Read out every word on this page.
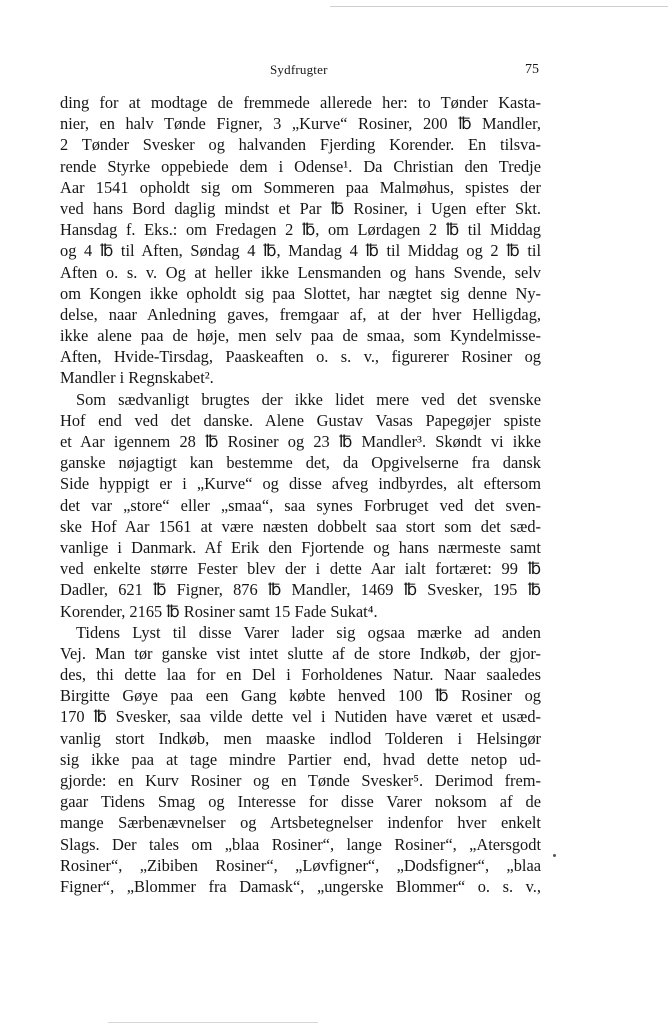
Sydfrugter	75
ding for at modtage de fremmede allerede her: to Tønder Kasta-
nier, en halv Tønde Figner, 3 „Kurve“ Rosiner, 200 ℔ Mandler,
2 Tønder Svesker og halvanden Fjerding Korender. En tilsva-
rende Styrke oppebiede dem i Odense¹. Da Christian den Tredje
Aar 1541 opholdt sig om Sommeren paa Malmøhus, spistes der
ved hans Bord daglig mindst et Par ℔ Rosiner, i Ugen efter Skt.
Hansdag f. Eks.: om Fredagen 2 ℔, om Lørdagen 2 ℔ til Middag
og 4 ℔ til Aften, Søndag 4 ℔, Mandag 4 ℔ til Middag og 2 ℔ til
Aften o. s. v. Og at heller ikke Lensmanden og hans Svende, selv
om Kongen ikke opholdt sig paa Slottet, har nægtet sig denne Ny-
delse, naar Anledning gaves, fremgaar af, at der hver Helligdag,
ikke alene paa de høje, men selv paa de smaa, som Kyndelmisse-
Aften, Hvide-Tirsdag, Paaskeaften o. s. v., figurerer Rosiner og
Mandler i Regnskabet².
Som sædvanligt brugtes der ikke lidet mere ved det svenske
Hof end ved det danske. Alene Gustav Vasas Papegøjer spiste
et Aar igennem 28 ℔ Rosiner og 23 ℔ Mandler³. Skøndt vi ikke
ganske nøjagtigt kan bestemme det, da Opgivelserne fra dansk
Side hyppigt er i „Kurve“ og disse afveg indbyrdes, alt eftersom
det var „store“ eller „smaa“, saa synes Forbruget ved det sven-
ske Hof Aar 1561 at være næsten dobbelt saa stort som det sæd-
vanlige i Danmark. Af Erik den Fjortende og hans nærmeste samt
ved enkelte større Fester blev der i dette Aar ialt fortæret: 99 ℔
Dadler, 621 ℔ Figner, 876 ℔ Mandler, 1469 ℔ Svesker, 195 ℔
Korender, 2165 ℔ Rosiner samt 15 Fade Sukat⁴.
Tidens Lyst til disse Varer lader sig ogsaa mærke ad anden
Vej. Man tør ganske vist intet slutte af de store Indkøb, der gjor-
des, thi dette laa for en Del i Forholdenes Natur. Naar saaledes
Birgitte Gøye paa een Gang købte henved 100 ℔ Rosiner og
170 ℔ Svesker, saa vilde dette vel i Nutiden have været et usæd-
vanlig stort Indkøb, men maaske indlod Tolderen i Helsingør
sig ikke paa at tage mindre Partier end, hvad dette netop ud-
gjorde: en Kurv Rosiner og en Tønde Svesker⁵. Derimod frem-
gaar Tidens Smag og Interesse for disse Varer noksom af de
mange Særbenævnelser og Artsbetegnelser indenfor hver enkelt
Slags. Der tales om „blaa Rosiner“, lange Rosiner“, „Atersgodt
Rosiner“, „Zibiben Rosiner“, „Løvfigner“, „Dodsfigner“, „blaa
Figner“, „Blommer fra Damask“, „ungerske Blommer“ o. s. v.,
